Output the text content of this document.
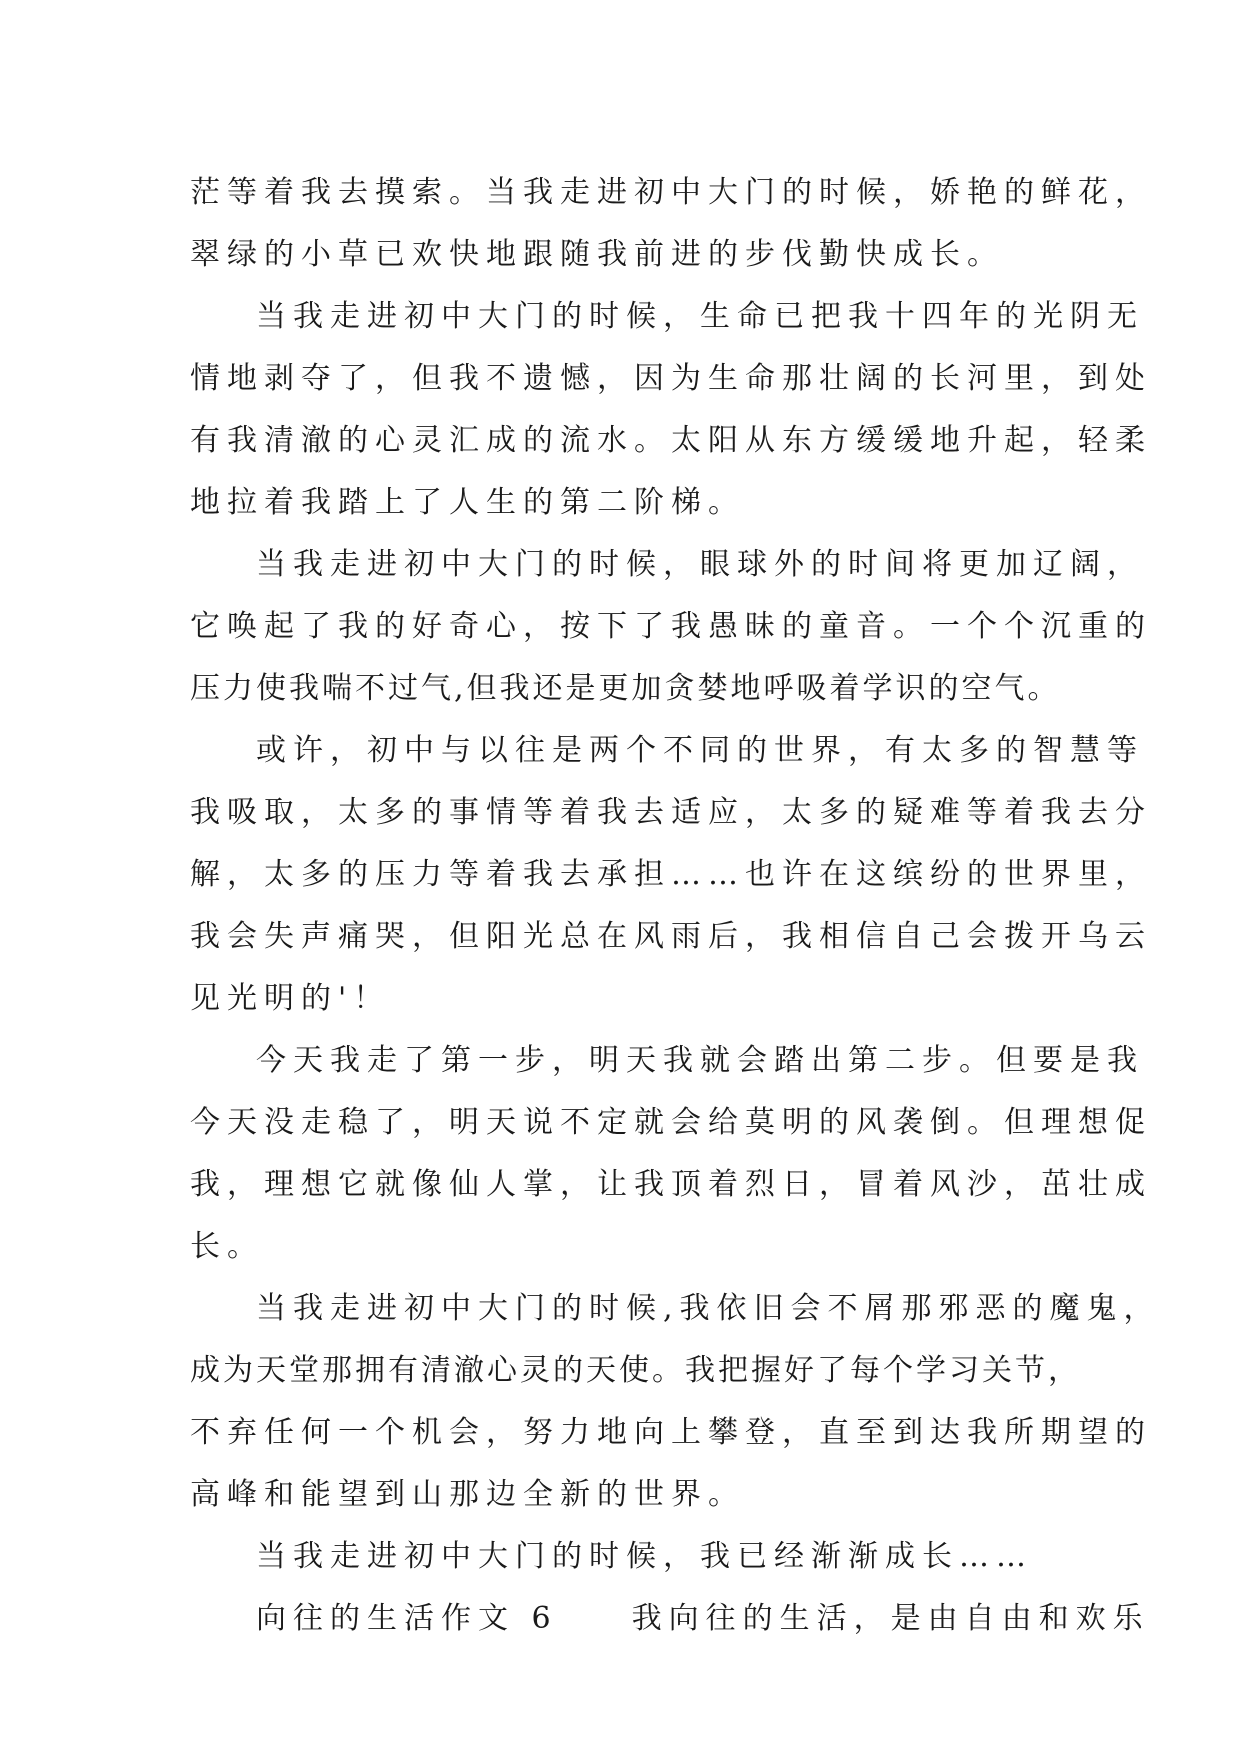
茫等着我去摸索。当我走进初中大门的时候，娇艳的鲜花，
翠绿的小草已欢快地跟随我前进的步伐勤快成长。
当我走进初中大门的时候，生命已把我十四年的光阴无
情地剥夺了，但我不遗憾，因为生命那壮阔的长河里，到处
有我清澈的心灵汇成的流水。太阳从东方缓缓地升起，轻柔
地拉着我踏上了人生的第二阶梯。
当我走进初中大门的时候，眼球外的时间将更加辽阔，
它唤起了我的好奇心，按下了我愚昧的童音。一个个沉重的
压力使我喘不过气,但我还是更加贪婪地呼吸着学识的空气。
或许，初中与以往是两个不同的世界，有太多的智慧等
我吸取，太多的事情等着我去适应，太多的疑难等着我去分
解，太多的压力等着我去承担……也许在这缤纷的世界里，
我会失声痛哭，但阳光总在风雨后，我相信自己会拨开乌云
见光明的'！
今天我走了第一步，明天我就会踏出第二步。但要是我
今天没走稳了，明天说不定就会给莫明的风袭倒。但理想促
我，理想它就像仙人掌，让我顶着烈日，冒着风沙，茁壮成
长。
当我走进初中大门的时候,我依旧会不屑那邪恶的魔鬼，
成为天堂那拥有清澈心灵的天使。我把握好了每个学习关节，
不弃任何一个机会，努力地向上攀登，直至到达我所期望的
高峰和能望到山那边全新的世界。
当我走进初中大门的时候，我已经渐渐成长……
向往的生活作文 6　　我向往的生活，是由自由和欢乐
